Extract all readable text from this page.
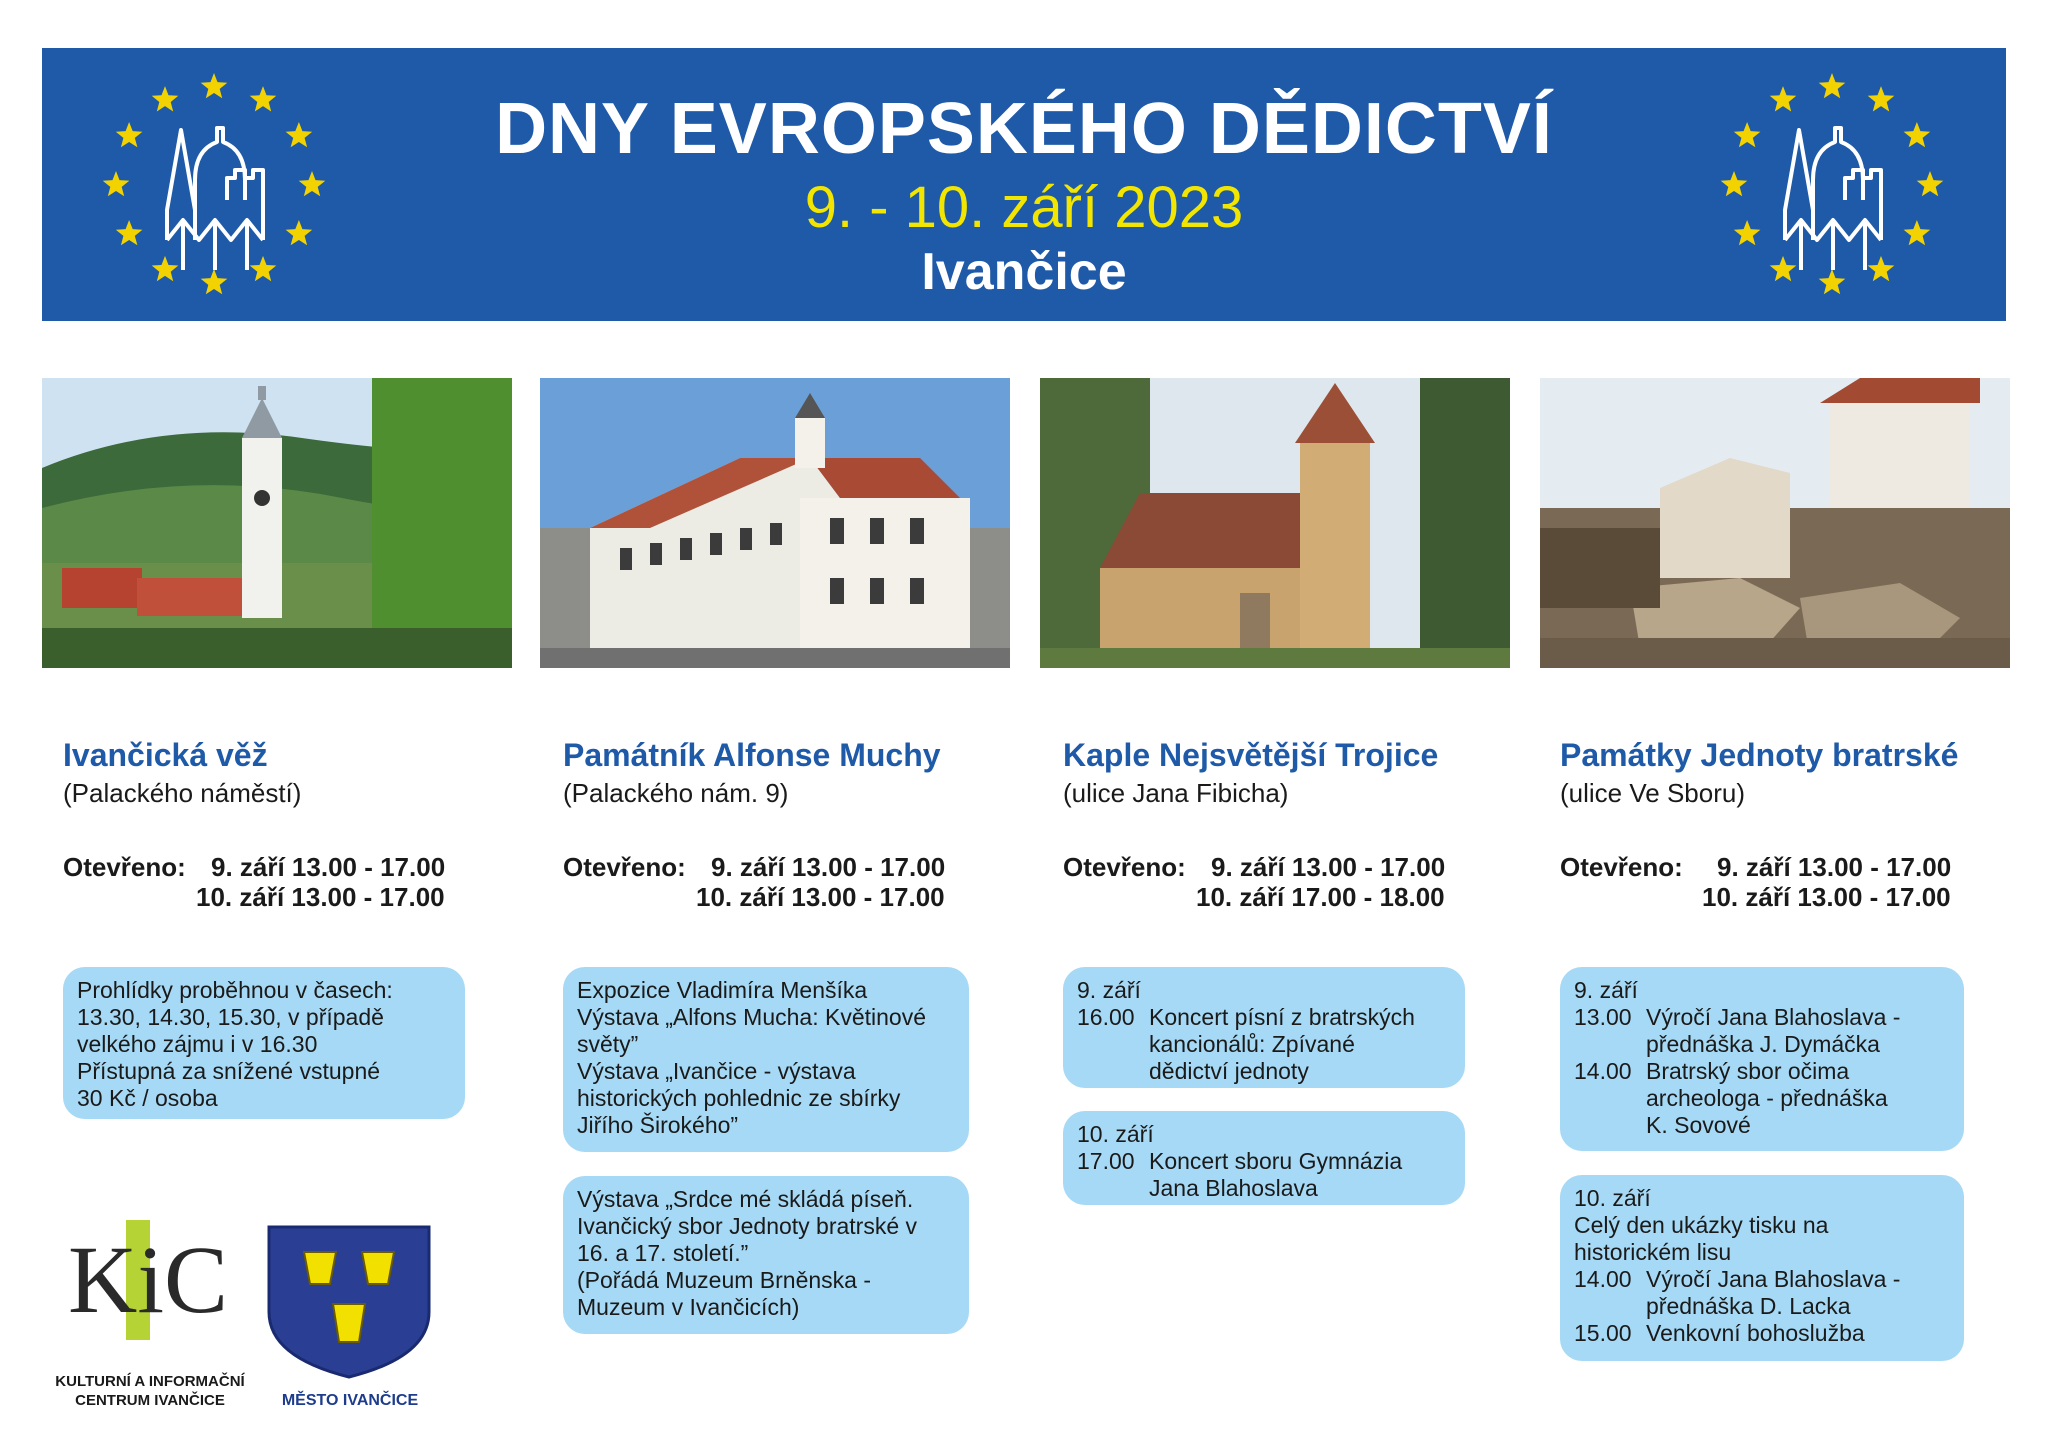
DNY EVROPSKÉHO DĚDICTVÍ
9. - 10. září 2023
Ivančice
Ivančická věž
(Palackého náměstí)
Otevřeno: 9. září 13.00 - 17.00
10. září 13.00 - 17.00
Prohlídky proběhnou v časech:
13.30, 14.30, 15.30, v případě
velkého zájmu i v 16.30
Přístupná za snížené vstupné
30 Kč / osoba
Památník Alfonse Muchy
(Palackého nám. 9)
Otevřeno: 9. září 13.00 - 17.00
10. září 13.00 - 17.00
Expozice Vladimíra Menšíka
Výstava „Alfons Mucha: Květinové
světy”
Výstava „Ivančice - výstava
historických pohlednic ze sbírky
Jiřího Širokého”
Výstava „Srdce mé skládá píseň.
Ivančický sbor Jednoty bratrské v
16. a 17. století.”
(Pořádá Muzeum Brněnska -
Muzeum v Ivančicích)
Kaple Nejsvětější Trojice
(ulice Jana Fibicha)
Otevřeno: 9. září 13.00 - 17.00
10. září 17.00 - 18.00
9. září
16.00 Koncert písní z bratrských
kancionálů: Zpívané
dědictví jednoty
10. září
17.00 Koncert sboru Gymnázia
Jana Blahoslava
Památky Jednoty bratrské
(ulice Ve Sboru)
Otevřeno: 9. září 13.00 - 17.00
10. září 13.00 - 17.00
9. září
13.00 Výročí Jana Blahoslava -
přednáška J. Dymáčka
14.00 Bratrský sbor očima
archeologa - přednáška
K. Sovové
10. září
Celý den ukázky tisku na
historickém lisu
14.00 Výročí Jana Blahoslava -
přednáška D. Lacka
15.00 Venkovní bohoslužba
KiC
KULTURNÍ A INFORMAČNÍ
CENTRUM IVANČICE	MĚSTO IVANČICE
